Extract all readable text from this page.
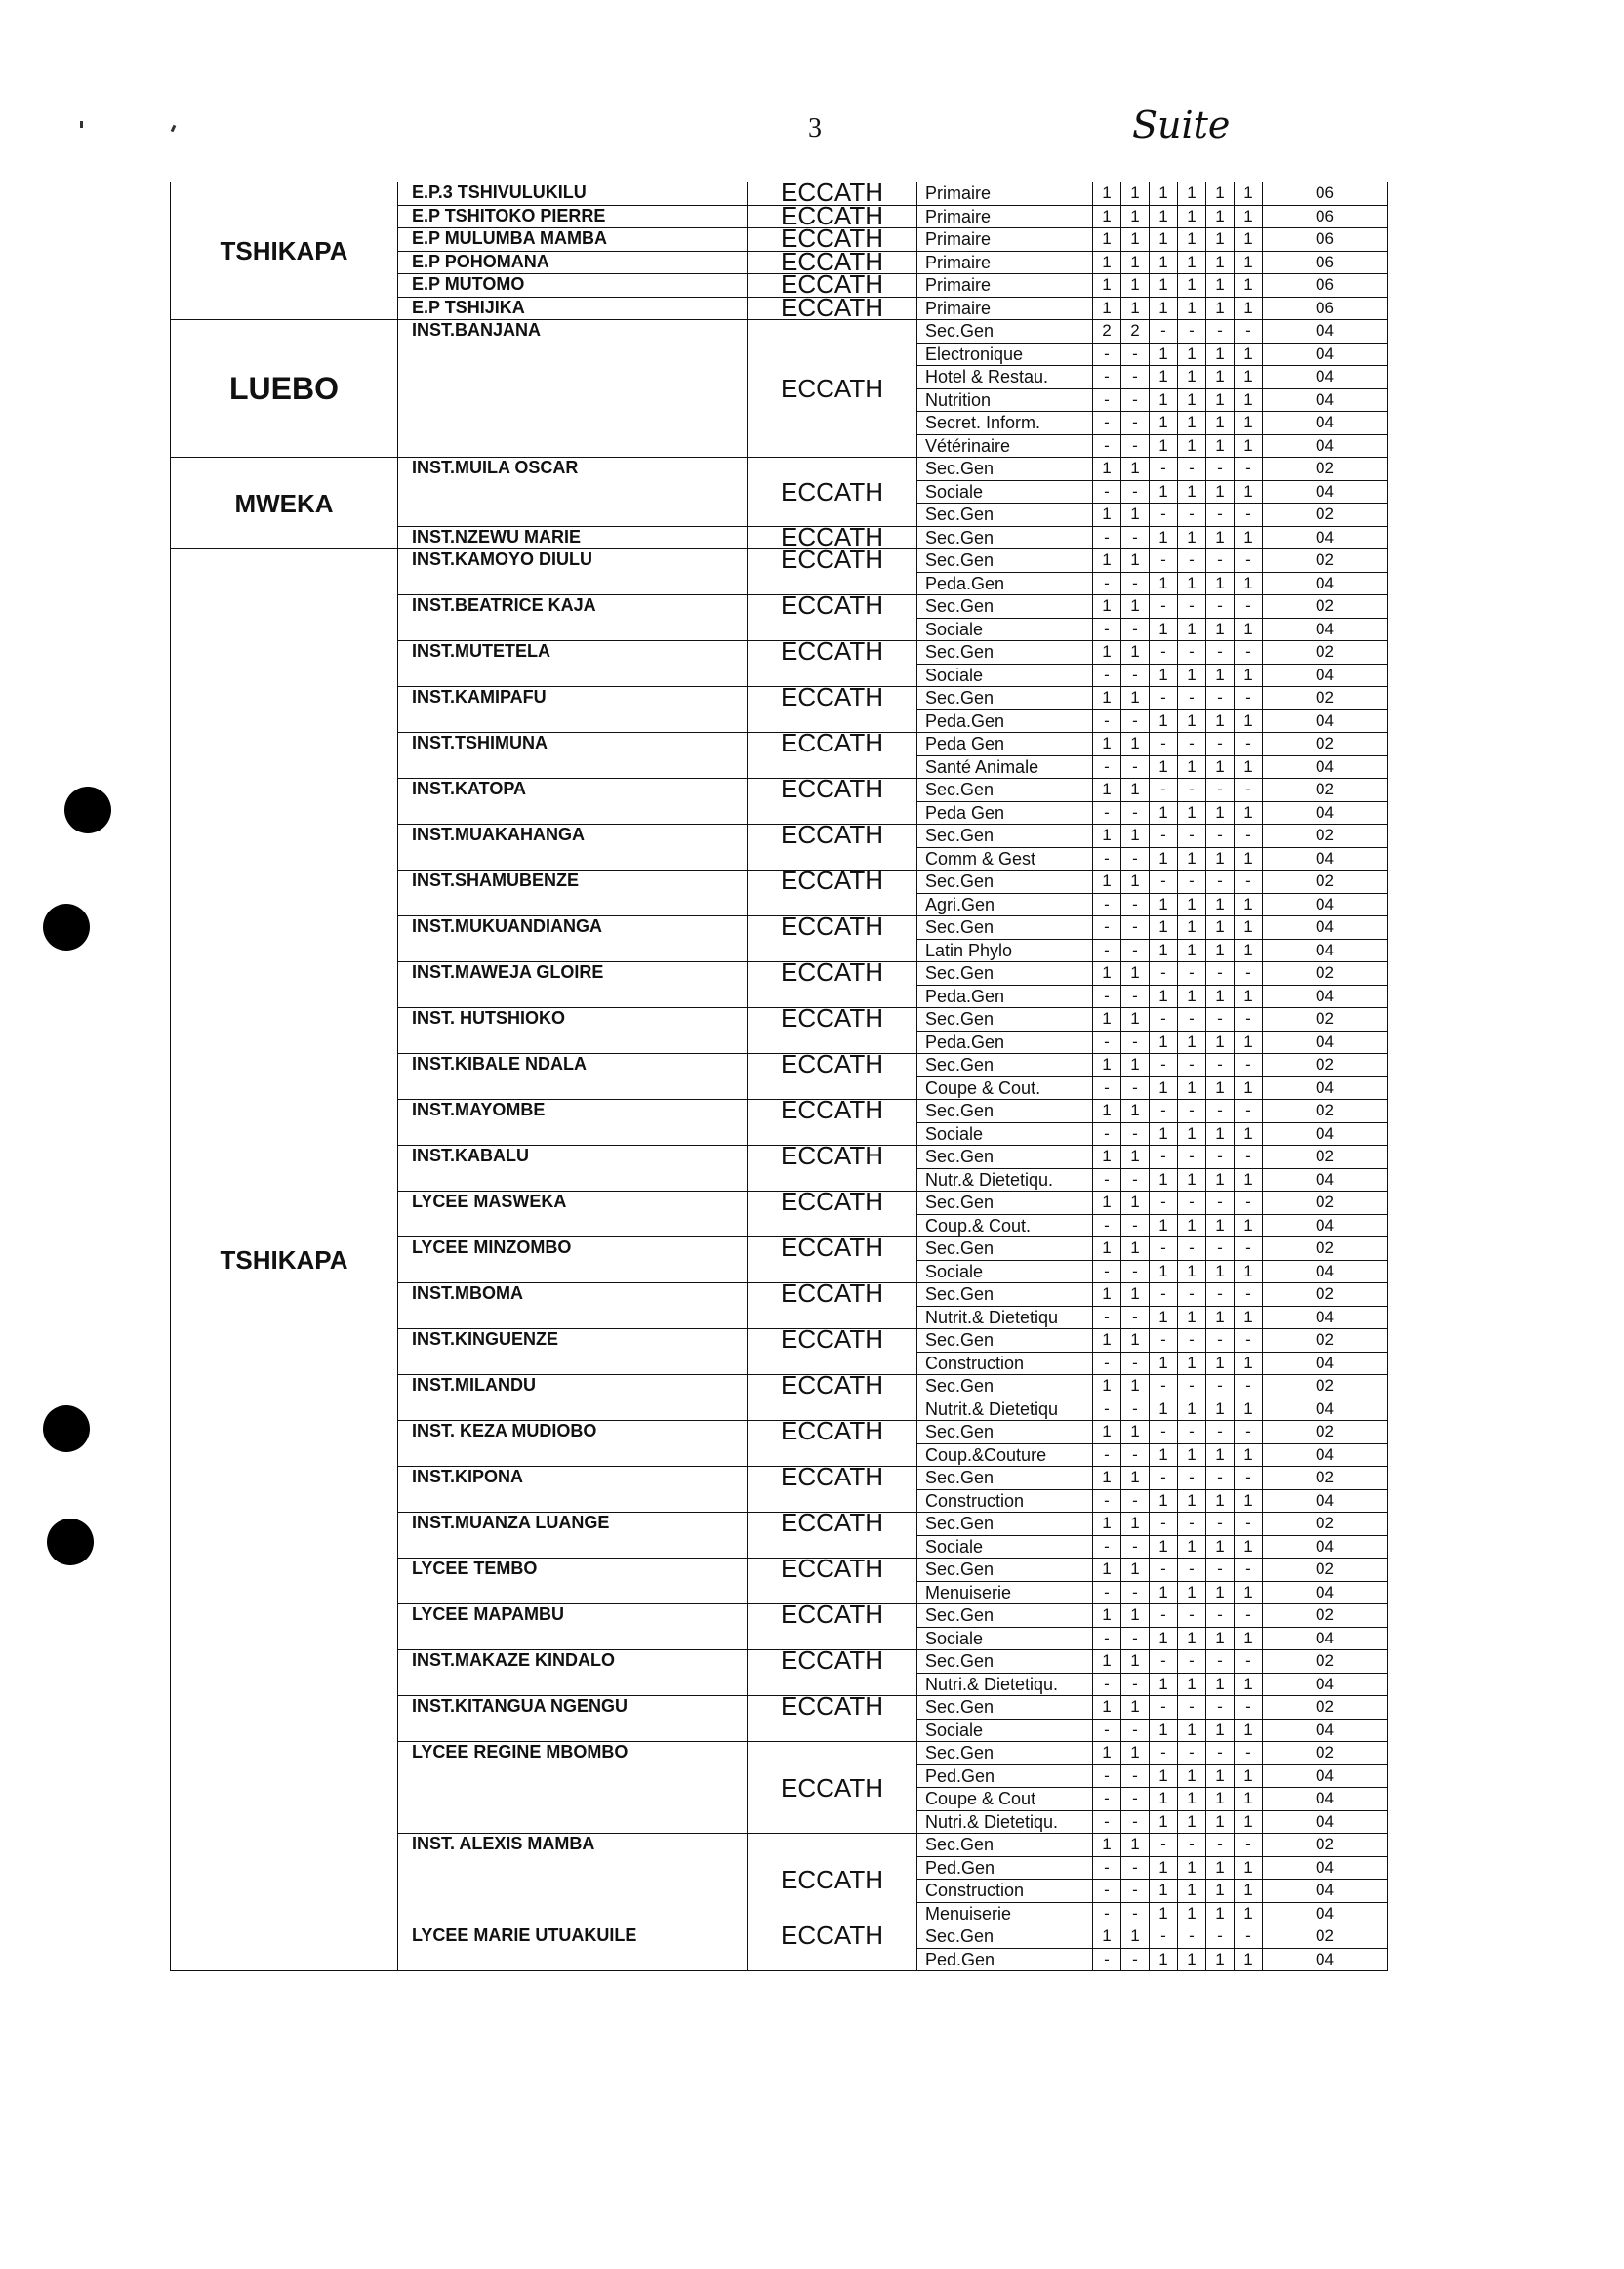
3	Suite
TSHIKAPA	E.P.3 TSHIVULUKILU	ECCATH	Primaire	1	1	1	1	1	1	06
	E.P TSHITOKO PIERRE	ECCATH	Primaire	1	1	1	1	1	1	06
	E.P MULUMBA MAMBA	ECCATH	Primaire	1	1	1	1	1	1	06
	E.P POHOMANA	ECCATH	Primaire	1	1	1	1	1	1	06
	E.P MUTOMO	ECCATH	Primaire	1	1	1	1	1	1	06
	E.P TSHIJIKA	ECCATH	Primaire	1	1	1	1	1	1	06
LUEBO	INST.BANJANA	ECCATH	Sec.Gen	2	2	-	-	-	-	04
			Electronique	-	-	1	1	1	1	04
			Hotel & Restau.	-	-	1	1	1	1	04
			Nutrition	-	-	1	1	1	1	04
			Secret. Inform.	-	-	1	1	1	1	04
			Vétérinaire	-	-	1	1	1	1	04
MWEKA	INST.MUILA OSCAR	ECCATH	Sec.Gen	1	1	-	-	-	-	02
			Sociale	-	-	1	1	1	1	04
			Sec.Gen	1	1	-	-	-	-	02
	INST.NZEWU MARIE	ECCATH	Sec.Gen	-	-	1	1	1	1	04
TSHIKAPA	INST.KAMOYO DIULU	ECCATH	Sec.Gen	1	1	-	-	-	-	02
			Peda.Gen	-	-	1	1	1	1	04
	INST.BEATRICE KAJA	ECCATH	Sec.Gen	1	1	-	-	-	-	02
			Sociale	-	-	1	1	1	1	04
	INST.MUTETELA	ECCATH	Sec.Gen	1	1	-	-	-	-	02
			Sociale	-	-	1	1	1	1	04
	INST.KAMIPAFU	ECCATH	Sec.Gen	1	1	-	-	-	-	02
			Peda.Gen	-	-	1	1	1	1	04
	INST.TSHIMUNA	ECCATH	Peda Gen	1	1	-	-	-	-	02
			Santé Animale	-	-	1	1	1	1	04
	INST.KATOPA	ECCATH	Sec.Gen	1	1	-	-	-	-	02
			Peda Gen	-	-	1	1	1	1	04
	INST.MUAKAHANGA	ECCATH	Sec.Gen	1	1	-	-	-	-	02
			Comm & Gest	-	-	1	1	1	1	04
	INST.SHAMUBENZE	ECCATH	Sec.Gen	1	1	-	-	-	-	02
			Agri.Gen	-	-	1	1	1	1	04
	INST.MUKUANDIANGA	ECCATH	Sec.Gen	-	-	1	1	1	1	04
			Latin Phylo	-	-	1	1	1	1	04
	INST.MAWEJA GLOIRE	ECCATH	Sec.Gen	1	1	-	-	-	-	02
			Peda.Gen	-	-	1	1	1	1	04
	INST. HUTSHIOKO	ECCATH	Sec.Gen	1	1	-	-	-	-	02
			Peda.Gen	-	-	1	1	1	1	04
	INST.KIBALE NDALA	ECCATH	Sec.Gen	1	1	-	-	-	-	02
			Coupe & Cout.	-	-	1	1	1	1	04
	INST.MAYOMBE	ECCATH	Sec.Gen	1	1	-	-	-	-	02
			Sociale	-	-	1	1	1	1	04
	INST.KABALU	ECCATH	Sec.Gen	1	1	-	-	-	-	02
			Nutr.& Dietetiqu.	-	-	1	1	1	1	04
	LYCEE MASWEKA	ECCATH	Sec.Gen	1	1	-	-	-	-	02
			Coup.& Cout.	-	-	1	1	1	1	04
	LYCEE MINZOMBO	ECCATH	Sec.Gen	1	1	-	-	-	-	02
			Sociale	-	-	1	1	1	1	04
	INST.MBOMA	ECCATH	Sec.Gen	1	1	-	-	-	-	02
			Nutrit.& Dietetiqu	-	-	1	1	1	1	04
	INST.KINGUENZE	ECCATH	Sec.Gen	1	1	-	-	-	-	02
			Construction	-	-	1	1	1	1	04
	INST.MILANDU	ECCATH	Sec.Gen	1	1	-	-	-	-	02
			Nutrit.& Dietetiqu	-	-	1	1	1	1	04
	INST. KEZA MUDIOBO	ECCATH	Sec.Gen	1	1	-	-	-	-	02
			Coup.&Couture	-	-	1	1	1	1	04
	INST.KIPONA	ECCATH	Sec.Gen	1	1	-	-	-	-	02
			Construction	-	-	1	1	1	1	04
	INST.MUANZA LUANGE	ECCATH	Sec.Gen	1	1	-	-	-	-	02
			Sociale	-	-	1	1	1	1	04
	LYCEE TEMBO	ECCATH	Sec.Gen	1	1	-	-	-	-	02
			Menuiserie	-	-	1	1	1	1	04
	LYCEE MAPAMBU	ECCATH	Sec.Gen	1	1	-	-	-	-	02
			Sociale	-	-	1	1	1	1	04
	INST.MAKAZE KINDALO	ECCATH	Sec.Gen	1	1	-	-	-	-	02
			Nutri.& Dietetiqu.	-	-	1	1	1	1	04
	INST.KITANGUA NGENGU	ECCATH	Sec.Gen	1	1	-	-	-	-	02
			Sociale	-	-	1	1	1	1	04
	LYCEE REGINE MBOMBO	ECCATH	Sec.Gen	1	1	-	-	-	-	02
			Ped.Gen	-	-	1	1	1	1	04
			Coupe & Cout	-	-	1	1	1	1	04
			Nutri.& Dietetiqu.	-	-	1	1	1	1	04
	INST. ALEXIS MAMBA	ECCATH	Sec.Gen	1	1	-	-	-	-	02
			Ped.Gen	-	-	1	1	1	1	04
			Construction	-	-	1	1	1	1	04
			Menuiserie	-	-	1	1	1	1	04
	LYCEE MARIE UTUAKUILE	ECCATH	Sec.Gen	1	1	-	-	-	-	02
			Ped.Gen	-	-	1	1	1	1	04
